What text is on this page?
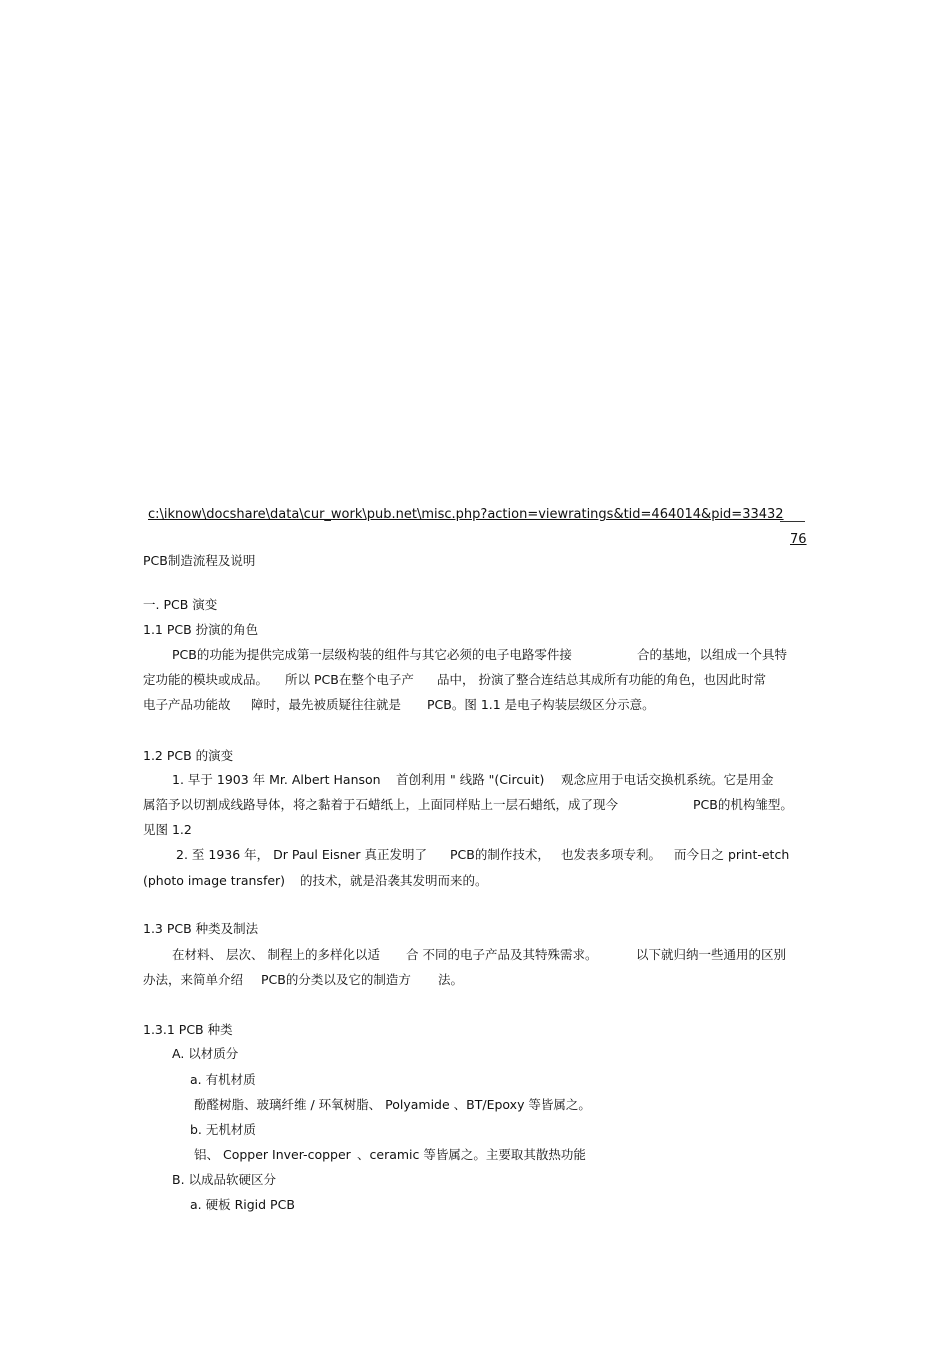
c:\iknow\docshare\data\cur_work\pub.net\misc.php?action=viewratings&tid=464014&pid=33432
76
PCB制造流程及说明
一. PCB 演变
1.1 PCB 扮演的角色
PCB的功能为提供完成第一层级构装的组件与其它必须的电子电路零件接	合的基地，以组成一个具特
定功能的模块或成品。 所以 PCB在整个电子产 品中， 扮演了整合连结总其成所有功能的角色，也因此时常
电子产品功能故 障时，最先被质疑往往就是 PCB。图 1.1 是电子构装层级区分示意。
1.2 PCB 的演变
1. 早于 1903 年 Mr. Albert Hanson 首创利用 " 线路 "(Circuit) 观念应用于电话交换机系统。它是用金
属箔予以切割成线路导体，将之黏着于石蜡纸上，上面同样贴上一层石蜡纸，成了现今	PCB的机构雏型。
见图 1.2
2. 至 1936 年， Dr Paul Eisner 真正发明了 PCB的制作技术， 也发表多项专利。 而今日之 print-etch
(photo image transfer) 的技术，就是沿袭其发明而来的。
1.3 PCB 种类及制法
在材料、 层次、 制程上的多样化以适 合 不同的电子产品及其特殊需求。	以下就归纳一些通用的区别
办法，来简单介绍 PCB的分类以及它的制造方 法。
1.3.1 PCB 种类
A. 以材质分
a. 有机材质
酚醛树脂、玻璃纤维 / 环氧树脂、 Polyamide 、BT/Epoxy 等皆属之。
b. 无机材质
铝、 Copper Inver-copper 、ceramic 等皆属之。主要取其散热功能
B. 以成品软硬区分
a. 硬板 Rigid PCB
